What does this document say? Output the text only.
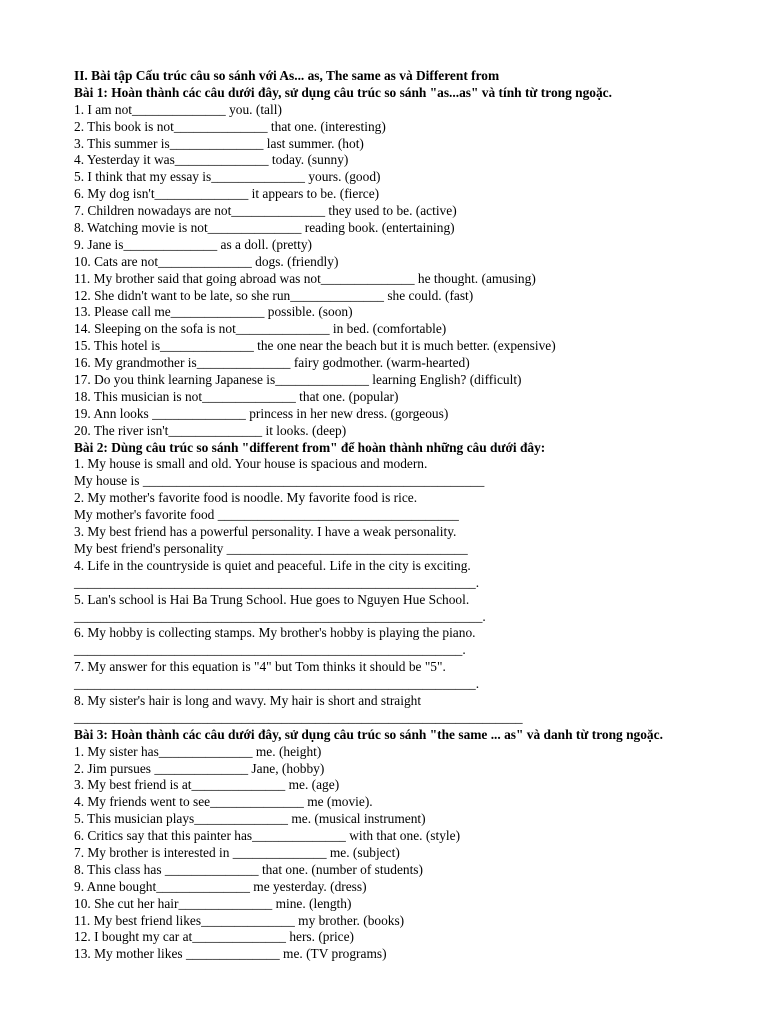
II. Bài tập Cấu trúc câu so sánh với As... as, The same as và Different from
Bài 1: Hoàn thành các câu dưới đây, sử dụng câu trúc so sánh "as...as" và tính từ trong ngoặc.
1. I am not______________ you. (tall)
2. This book is not______________ that one. (interesting)
3. This summer is______________ last summer. (hot)
4. Yesterday it was______________ today. (sunny)
5. I think that my essay is______________ yours. (good)
6. My dog isn't______________ it appears to be. (fierce)
7. Children nowadays are not______________ they used to be. (active)
8. Watching movie is not______________ reading book. (entertaining)
9. Jane is______________ as a doll. (pretty)
10. Cats are not______________ dogs. (friendly)
11. My brother said that going abroad was not______________ he thought. (amusing)
12. She didn't want to be late, so she run______________ she could. (fast)
13. Please call me______________ possible. (soon)
14. Sleeping on the sofa is not______________ in bed. (comfortable)
15. This hotel is______________ the one near the beach but it is much better. (expensive)
16. My grandmother is______________ fairy godmother. (warm-hearted)
17. Do you think learning Japanese is______________ learning English? (difficult)
18. This musician is not______________ that one. (popular)
19. Ann looks ______________ princess in her new dress. (gorgeous)
20. The river isn't______________ it looks. (deep)
Bài 2: Dùng câu trúc so sánh "different from" để hoàn thành những câu dưới đây:
1. My house is small and old. Your house is spacious and modern.
My house is ___________________________________________________
2. My mother's favorite food is noodle. My favorite food is rice.
My mother's favorite food ____________________________________
3. My best friend has a powerful personality. I have a weak personality.
My best friend's personality ____________________________________
4. Life in the countryside is quiet and peaceful. Life in the city is exciting.
____________________________________________________________.
5. Lan's school is Hai Ba Trung School. Hue goes to Nguyen Hue School.
_____________________________________________________________.
6. My hobby is collecting stamps. My brother's hobby is playing the piano.
__________________________________________________________.
7. My answer for this equation is "4" but Tom thinks it should be "5".
____________________________________________________________.
8. My sister's hair is long and wavy. My hair is short and straight
___________________________________________________________________
Bài 3: Hoàn thành các câu dưới đây, sử dụng câu trúc so sánh "the same ... as" và danh từ trong ngoặc.
1. My sister has______________ me. (height)
2. Jim pursues ______________ Jane, (hobby)
3. My best friend is at______________ me. (age)
4. My friends went to see______________ me (movie).
5. This musician plays______________ me. (musical instrument)
6. Critics say that this painter has______________ with that one. (style)
7. My brother is interested in ______________ me. (subject)
8. This class has ______________ that one. (number of students)
9. Anne bought______________ me yesterday. (dress)
10. She cut her hair______________ mine. (length)
11. My best friend likes______________ my brother. (books)
12. I bought my car at______________ hers. (price)
13. My mother likes ______________ me. (TV programs)
